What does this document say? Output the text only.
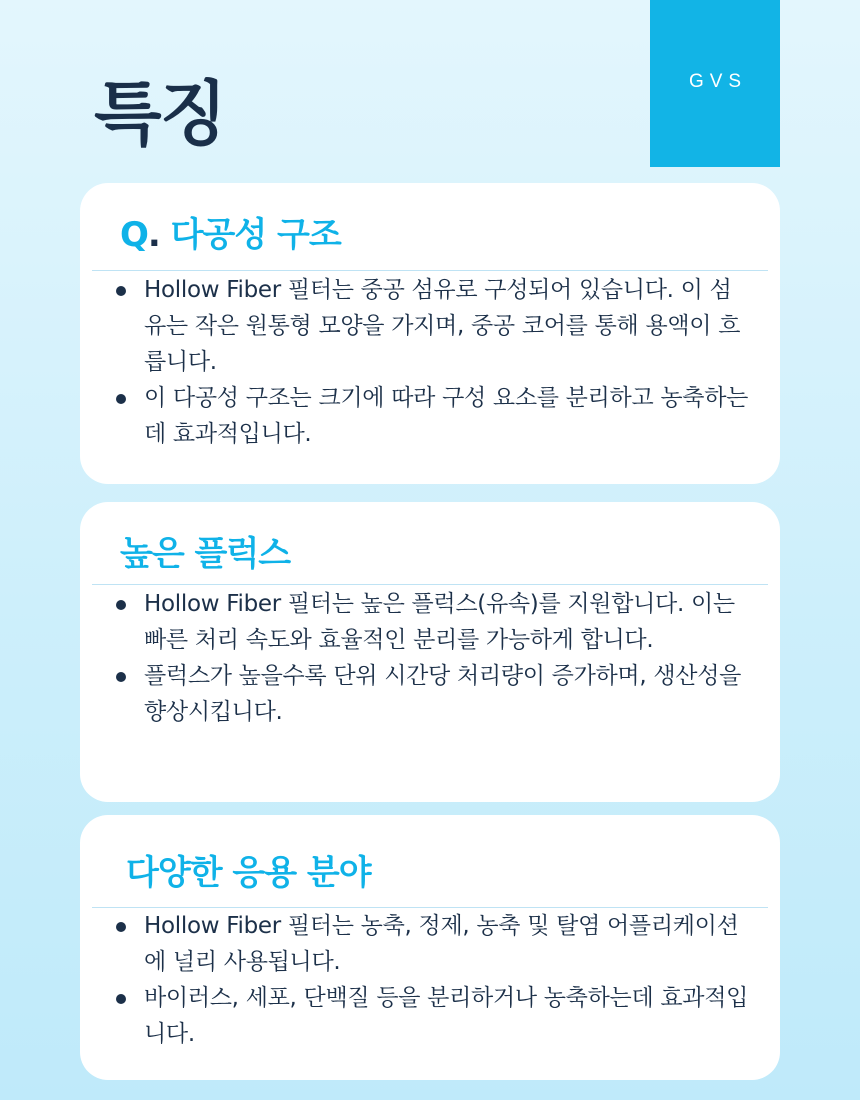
GVS
특징
Q. 다공성 구조
Hollow Fiber 필터는 중공 섬유로 구성되어 있습니다. 이 섬유는 작은 원통형 모양을 가지며, 중공 코어를 통해 용액이 흐릅니다.
이 다공성 구조는 크기에 따라 구성 요소를 분리하고 농축하는 데 효과적입니다.
높은 플럭스
Hollow Fiber 필터는 높은 플럭스(유속)를 지원합니다. 이는 빠른 처리 속도와 효율적인 분리를 가능하게 합니다.
플럭스가 높을수록 단위 시간당 처리량이 증가하며, 생산성을 향상시킵니다.
다양한 응용 분야
Hollow Fiber 필터는 농축, 정제, 농축 및 탈염 어플리케이션에 널리 사용됩니다.
바이러스, 세포, 단백질 등을 분리하거나 농축하는데 효과적입니다.
